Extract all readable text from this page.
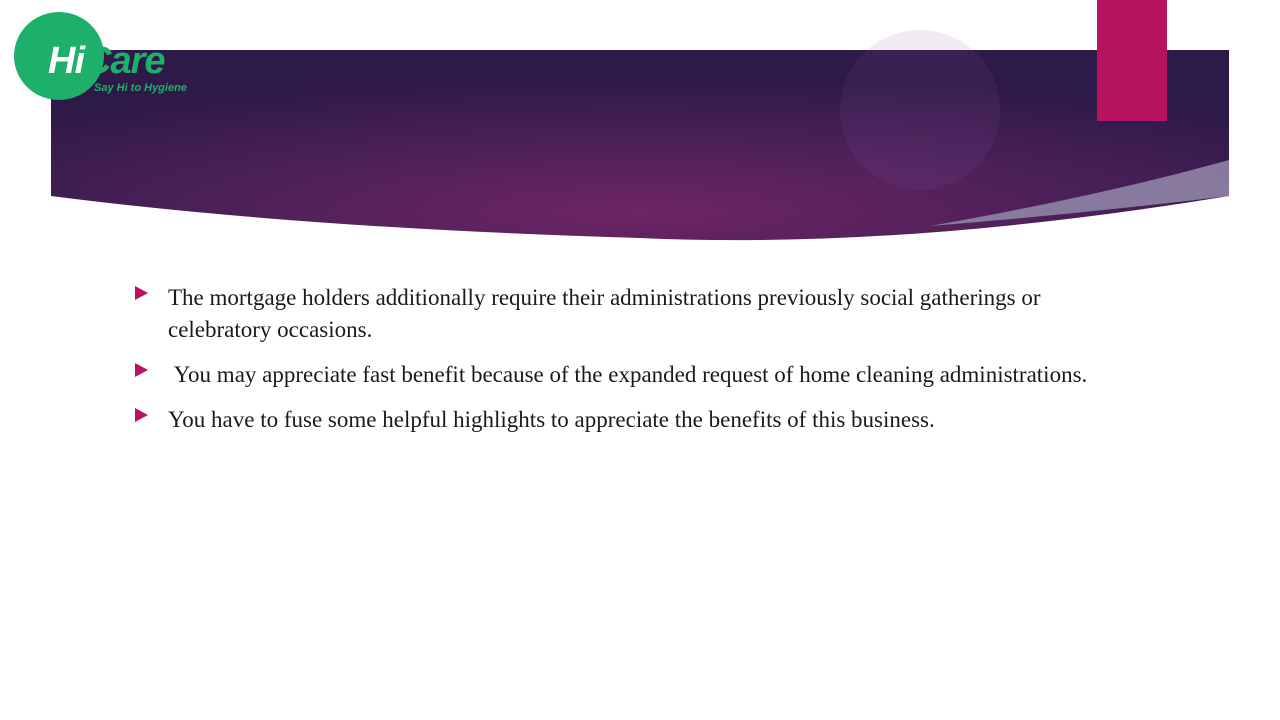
HiCare
Say Hi to Hygiene
The mortgage holders additionally require their administrations previously social gatherings or celebratory occasions.
You may appreciate fast benefit because of the expanded request of home cleaning administrations.
You have to fuse some helpful highlights to appreciate the benefits of this business.
